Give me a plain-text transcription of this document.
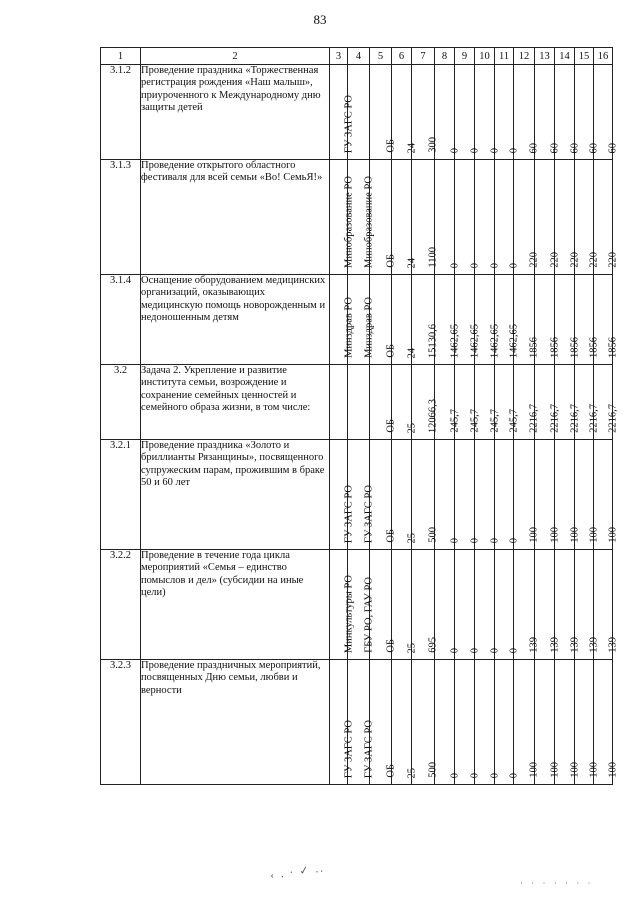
83
1	2	3	4	5	6	7	8	9	10	11	12	13	14	15	16
3.1.2	Проведение праздника «Торжественная регистрация рождения «Наш малыш», приуроченного к Международному дню защиты детей	ГУ ЗАГС РО		ОБ	24	300	0	0	0	0	60	60	60	60	60

3.1.3	Проведение открытого областного фестиваля для всей семьи «Во! СемьЯ!»	Минобразование РО	Минобразование РО	ОБ	24	1100	0	0	0	0	220	220	220	220	220

3.1.4	Оснащение оборудованием медицинских организаций, оказывающих медицинскую помощь новорожденным и недоношенным детям	Минздрав РО	Минздрав РО	ОБ	24	15130,6	1462,65	1462,65	1462,65	1462,65	1856	1856	1856	1856	1856

3.2	Задача 2. Укрепление и развитие института семьи, возрождение и сохранение семейных ценностей и семейного образа жизни, в том числе:			ОБ	25	12066,3	245,7	245,7	245,7	245,7	2216,7	2216,7	2216,7	2216,7	2216,7

3.2.1	Проведение праздника «Золото и бриллианты Рязанщины», посвященного супружеским парам, прожившим в браке 50 и 60 лет	ГУ ЗАГС РО	ГУ ЗАГС РО	ОБ	25	500	0	0	0	0	100	100	100	100	100

3.2.2	Проведение в течение года цикла мероприятий «Семья – единство помыслов и дел» (субсидии на иные цели)	Минкультуры РО	ГБУ РО, ГАУ РО	ОБ	25	695	0	0	0	0	139	139	139	139	139

3.2.3	Проведение праздничных мероприятий, посвященных Дню семьи, любви и верности	ГУ ЗАГС РО	ГУ ЗАГС РО	ОБ	25	500	0	0	0	0	100	100	100	100	100
‹ . ∙ ✓ ..
· · · · · · ·
